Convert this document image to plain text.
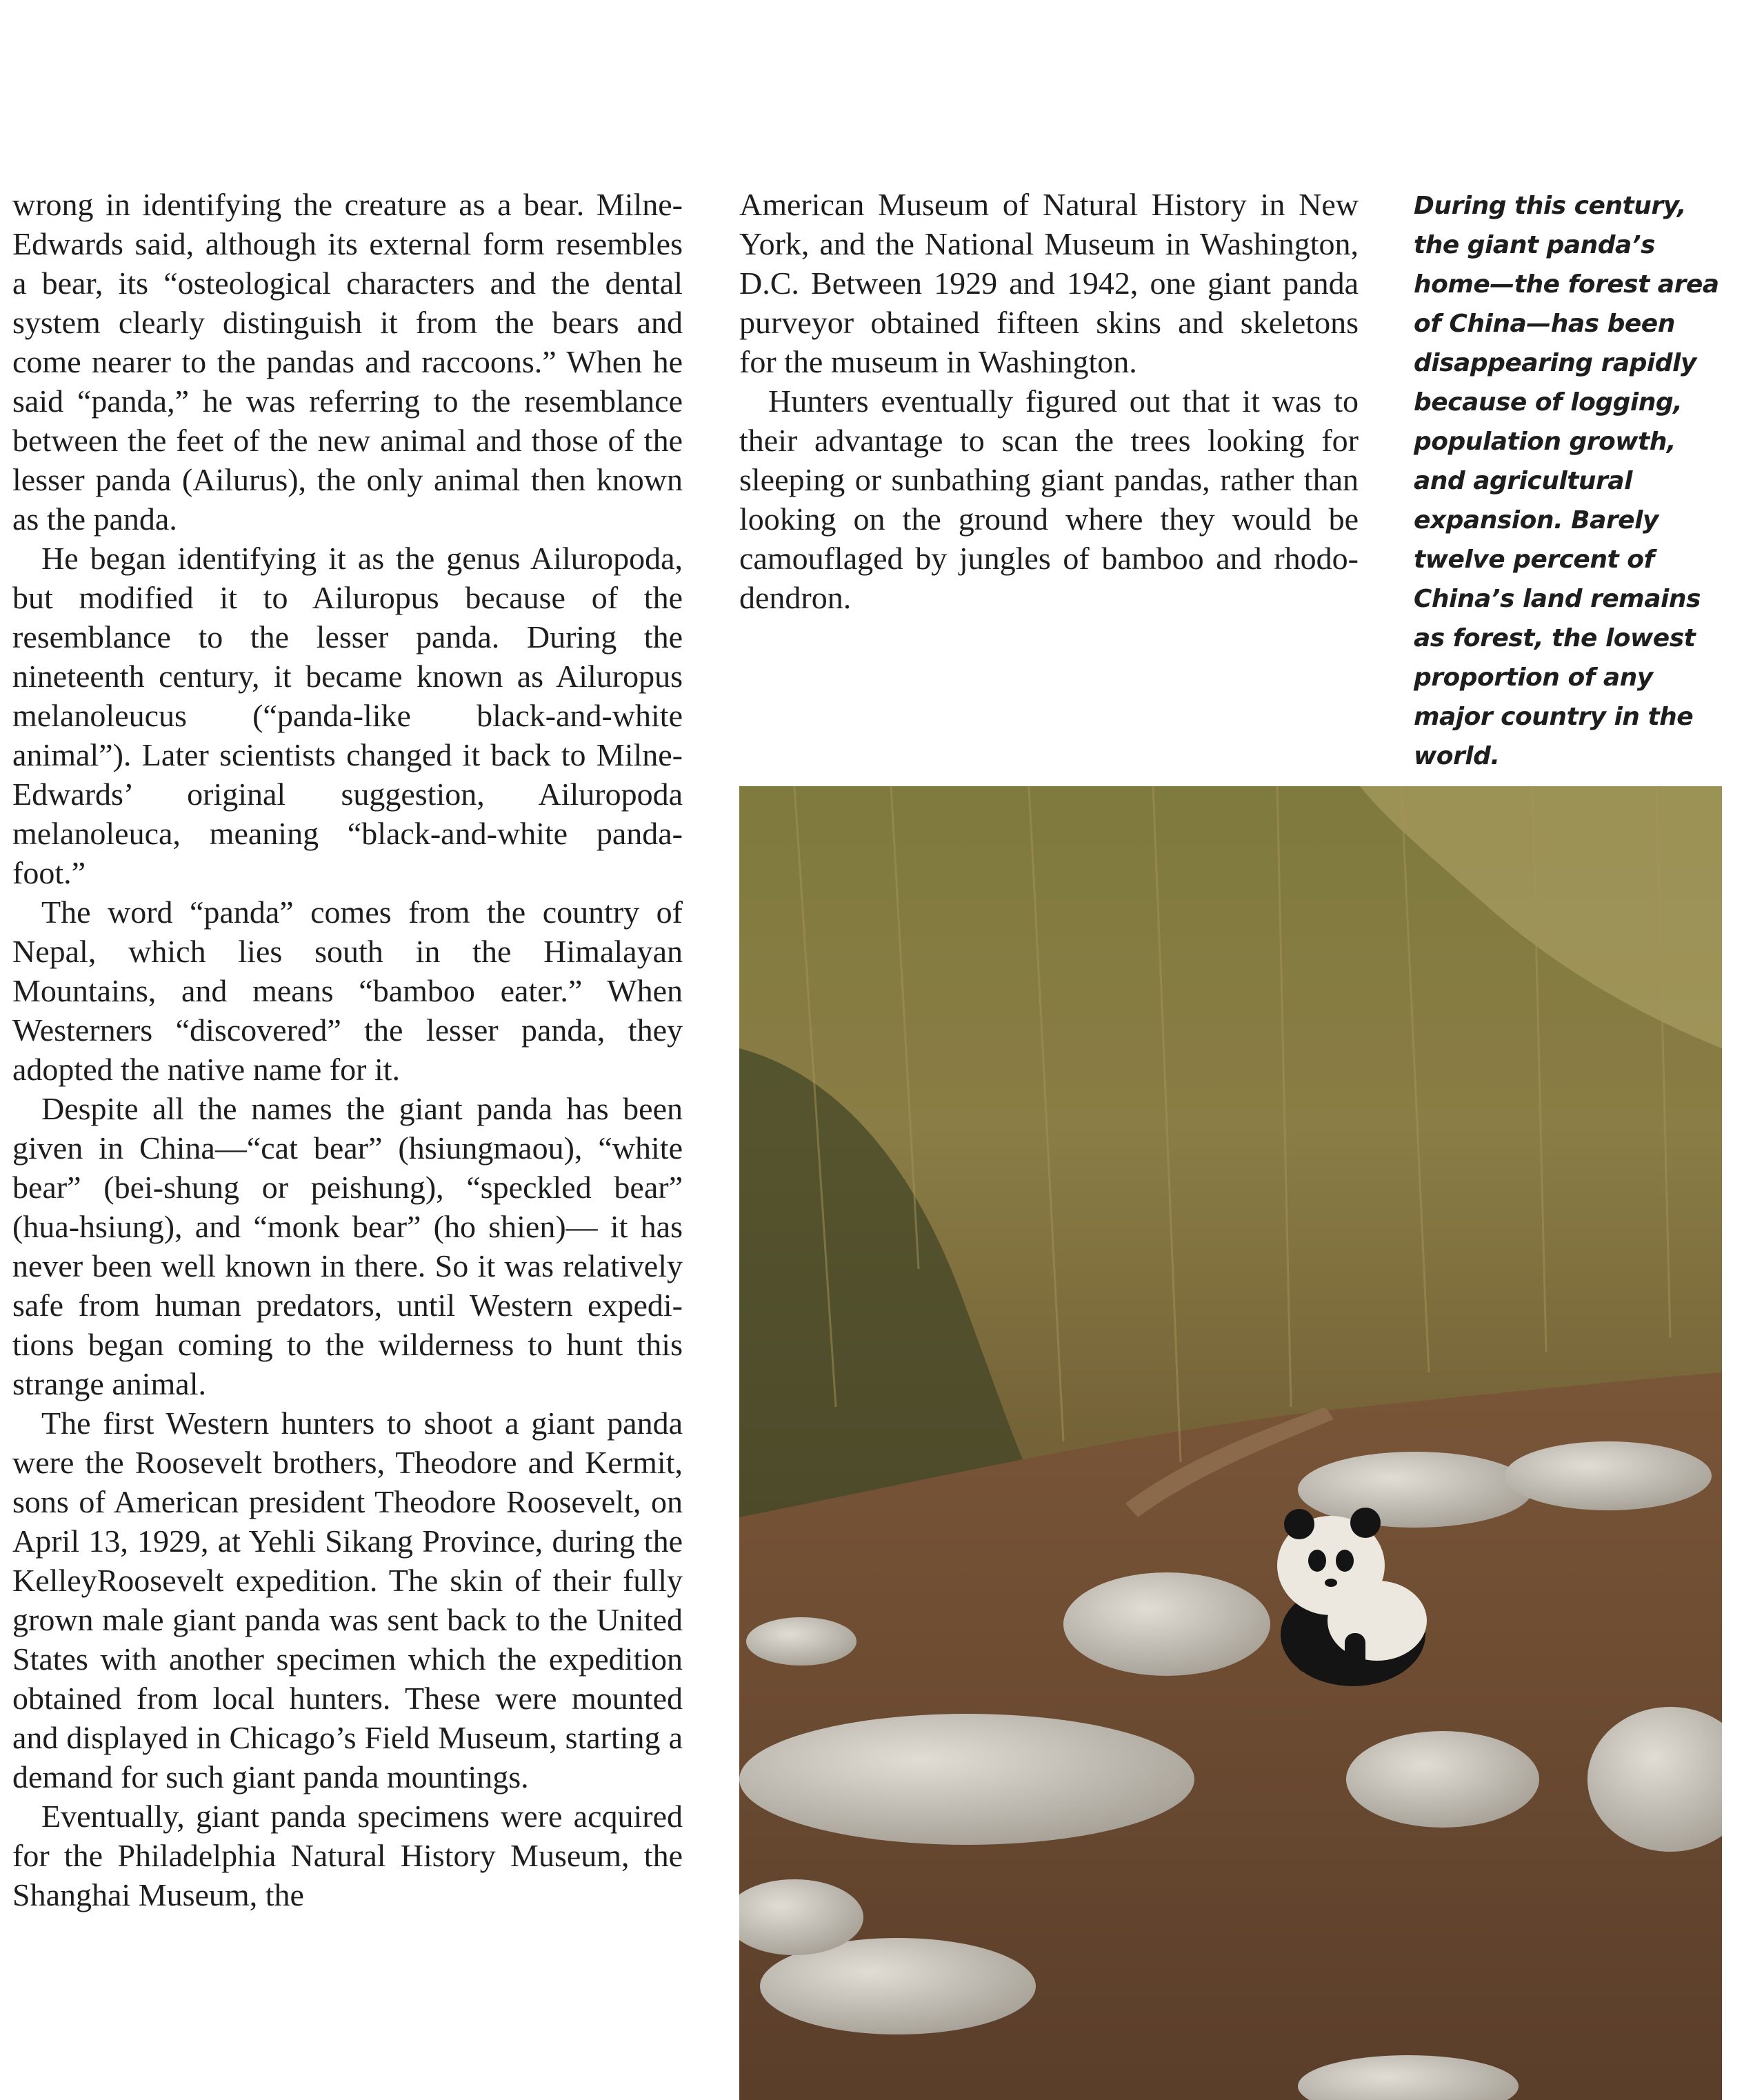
wrong in identifying the creature as a bear. Milne-Edwards said, although its external form resembles a bear, its “osteological characters and the dental system clearly distinguish it from the bears and come nearer to the pandas and raccoons.” When he said “panda,” he was referring to the resemblance between the feet of the new animal and those of the lesser panda (Ailurus), the only animal then known as the panda.

He began identifying it as the genus Ailuropoda, but modified it to Ailuropus because of the resemblance to the lesser panda. During the nineteenth century, it became known as Ailuropus melanoleucus (“panda-like black-and-white animal”). Later scientists changed it back to Milne-Edwards’ original suggestion, Ailuropoda melanoleuca, meaning “black-and-white panda-foot.”

The word “panda” comes from the country of Nepal, which lies south in the Himalayan Mountains, and means “bamboo eater.” When Westerners “discovered” the lesser panda, they adopted the native name for it.

Despite all the names the giant panda has been given in China—“cat bear” (hsiungmaou), “white bear” (bei-shung or peishung), “speckled bear” (hua-hsiung), and “monk bear” (ho shien)— it has never been well known in there. So it was relatively safe from human predators, until Western expeditions began coming to the wilderness to hunt this strange animal.

The first Western hunters to shoot a giant panda were the Roosevelt brothers, Theodore and Kermit, sons of American president Theodore Roosevelt, on April 13, 1929, at Yehli Sikang Province, during the KelleyRoosevelt expedition. The skin of their fully grown male giant panda was sent back to the United States with another specimen which the expedition obtained from local hunters. These were mounted and displayed in Chicago’s Field Museum, starting a demand for such giant panda mountings.

Eventually, giant panda specimens were acquired for the Philadelphia Natural History Museum, the Shanghai Museum, the

American Museum of Natural History in New York, and the National Museum in Washington, D.C. Between 1929 and 1942, one giant panda purveyor obtained fifteen skins and skeletons for the museum in Washington.

Hunters eventually figured out that it was to their advantage to scan the trees looking for sleeping or sunbathing giant pandas, rather than looking on the ground where they would be camouflaged by jungles of bamboo and rhododendron.

During this century, the giant panda’s home—the forest area of China—has been disappearing rapidly because of logging, population growth, and agricultural expansion. Barely twelve percent of China’s land remains as forest, the lowest proportion of any major country in the world.
